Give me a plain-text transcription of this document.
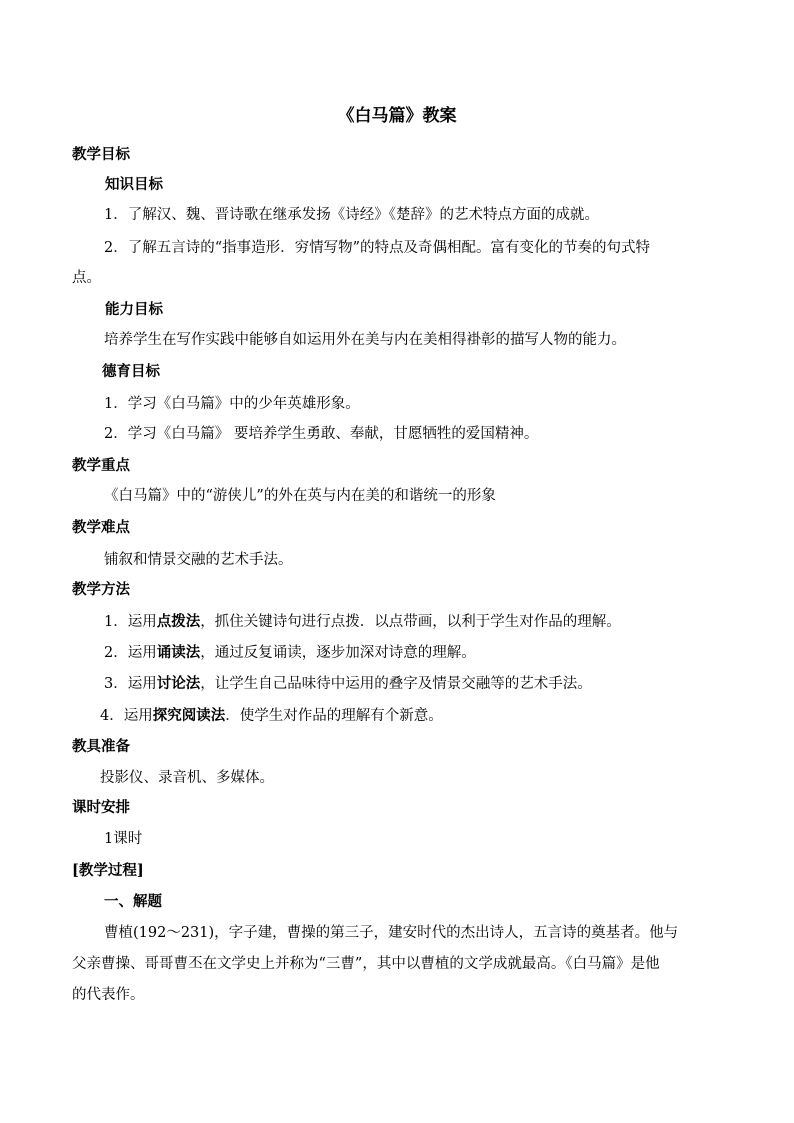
《白马篇》教案
教学目标
知识目标
1．了解汉、魏、晋诗歌在继承发扬《诗经》《楚辞》的艺术特点方面的成就。
2．了解五言诗的“指事造形．穷情写物”的特点及奇偶相配。富有变化的节奏的句式特
点。
能力目标
培养学生在写作实践中能够自如运用外在美与内在美相得褂彰的描写人物的能力。
德育目标
1．学习《白马篇》中的少年英雄形象。
2．学习《白马篇》 要培养学生勇敢、奉献，甘愿牺牲的爱国精神。
教学重点
《白马篇》中的“游侠儿”的外在英与内在美的和谐统一的形象
教学难点
铺叙和情景交融的艺术手法。
教学方法
1．运用点拨法，抓住关键诗句进行点拨．以点带画，以利于学生对作品的理解。
2．运用诵读法，通过反复诵读，逐步加深对诗意的理解。
3．运用讨论法，让学生自己品味待中运用的叠字及情景交融等的艺术手法。
4．运用探究阅读法．使学生对作品的理解有个新意。
教具准备
投影仪、录音机、多媒体。
课时安排
1课时
[教学过程]
一、解题
曹植(192～231)，字子建，曹操的第三子，建安时代的杰出诗人，五言诗的奠基者。他与
父亲曹操、哥哥曹丕在文学史上并称为“三曹”，其中以曹植的文学成就最高。《白马篇》是他
的代表作。
